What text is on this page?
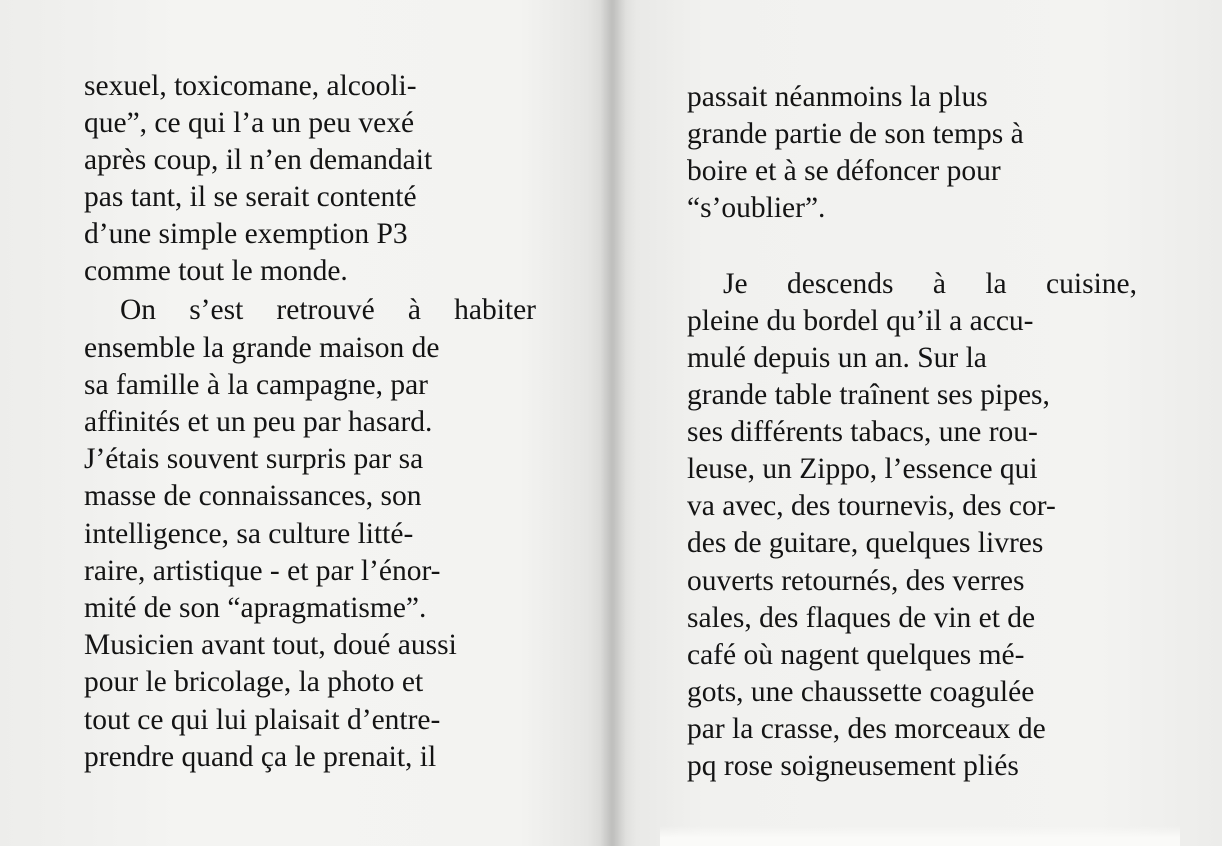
sexuel, toxicomane, alcooli-
que”, ce qui l’a un peu vexé
après coup, il n’en demandait
pas tant, il se serait contenté
d’une simple exemption P3
comme tout le monde.
On s’est retrouvé à habiter
ensemble la grande maison de
sa famille à la campagne, par
affinités et un peu par hasard.
J’étais souvent surpris par sa
masse de connaissances, son
intelligence, sa culture litté-
raire, artistique - et par l’énor-
mité de son “apragmatisme”.
Musicien avant tout, doué aussi
pour le bricolage, la photo et
tout ce qui lui plaisait d’entre-
prendre quand ça le prenait, il
passait néanmoins la plus
grande partie de son temps à
boire et à se défoncer pour
“s’oublier”.
Je descends à la cuisine,
pleine du bordel qu’il a accu-
mulé depuis un an. Sur la
grande table traînent ses pipes,
ses différents tabacs, une rou-
leuse, un Zippo, l’essence qui
va avec, des tournevis, des cor-
des de guitare, quelques livres
ouverts retournés, des verres
sales, des flaques de vin et de
café où nagent quelques mé-
gots, une chaussette coagulée
par la crasse, des morceaux de
pq rose soigneusement pliés
